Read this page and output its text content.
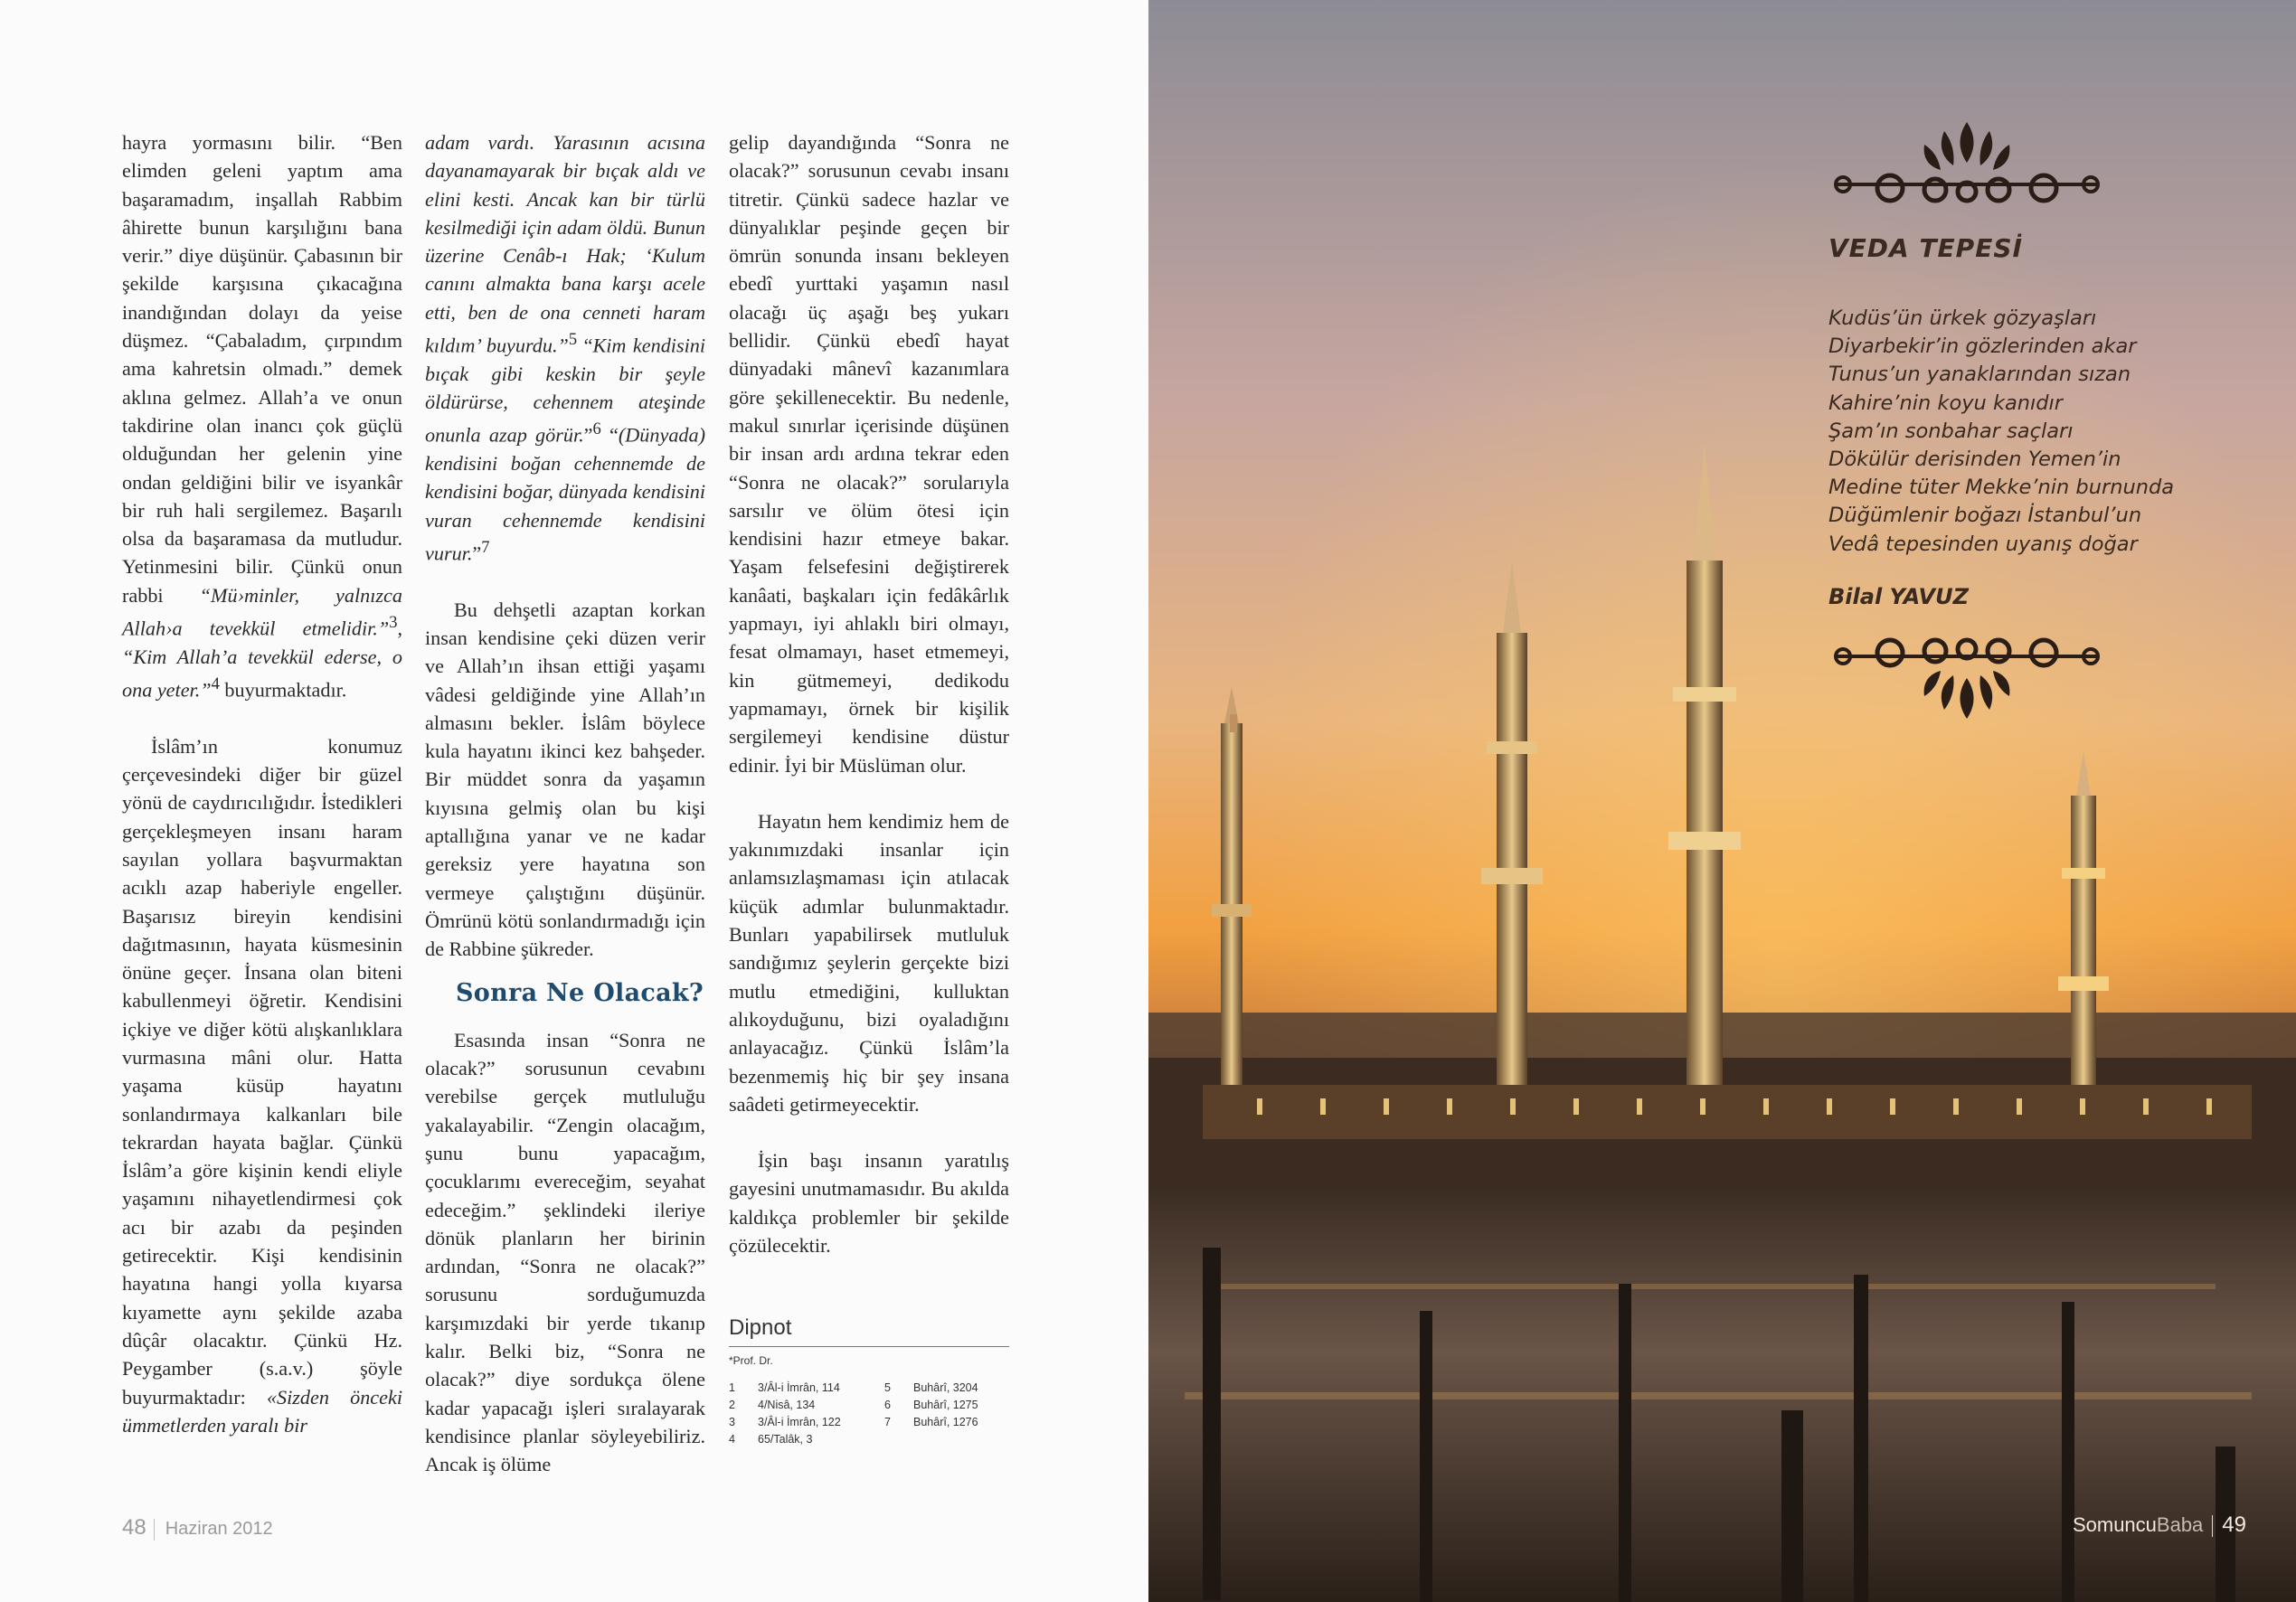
hayra yormasını bilir. “Ben elimden geleni yaptım ama başaramadım, inşallah Rabbim âhirette bunun karşılığını bana verir.” diye düşünür. Çabasının bir şekilde karşısına çıkacağına inandığından dolayı da yeise düşmez. “Çabaladım, çırpındım ama kahretsin olmadı.” demek aklına gelmez. Allah’a ve onun takdirine olan inancı çok güçlü olduğundan her gelenin yine ondan geldiğini bilir ve isyankâr bir ruh hali sergilemez. Başarılı olsa da başaramasa da mutludur. Yetinmesini bilir. Çünkü onun rabbi “Mü›minler, yalnızca Allah›a tevekkül etmelidir.”$^3$, “Kim Allah’a tevekkül ederse, o ona yeter.”$^4$ buyurmaktadır.

İslâm’ın konumuz çerçevesindeki diğer bir güzel yönü de caydırıcılığıdır. İstedikleri gerçekleşmeyen insanı haram sayılan yollara başvurmaktan acıklı azap haberiyle engeller. Başarısız bireyin kendisini dağıtmasının, hayata küsmesinin önüne geçer. İnsana olan biteni kabullenmeyi öğretir. Kendisini içkiye ve diğer kötü alışkanlıklara vurmasına mâni olur. Hatta yaşama küsüp hayatını sonlandırmaya kalkanları bile tekrardan hayata bağlar. Çünkü İslâm’a göre kişinin kendi eliyle yaşamını nihayetlendirmesi çok acı bir azabı da peşinden getirecektir. Kişi kendisinin hayatına hangi yolla kıyarsa kıyamette aynı şekilde azaba dûçâr olacaktır. Çünkü Hz. Peygamber (s.a.v.) şöyle buyurmaktadır: «Sizden önceki ümmetlerden yaralı bir

adam vardı. Yarasının acısına dayanamayarak bir bıçak aldı ve elini kesti. Ancak kan bir türlü kesilmediği için adam öldü. Bunun üzerine Cenâb-ı Hak; ‘Kulum canını almakta bana karşı acele etti, ben de ona cenneti haram kıldım’ buyurdu.”$^5$ “Kim kendisini bıçak gibi keskin bir şeyle öldürürse, cehennem ateşinde onunla azap görür.”$^6$ “(Dünyada) kendisini boğan cehennemde de kendisini boğar, dünyada kendisini vuran cehennemde kendisini vurur.”$^7$

Bu dehşetli azaptan korkan insan kendisine çeki düzen verir ve Allah’ın ihsan ettiği yaşamı vâdesi geldiğinde yine Allah’ın almasını bekler. İslâm böylece kula hayatını ikinci kez bahşeder. Bir müddet sonra da yaşamın kıyısına gelmiş olan bu kişi aptallığına yanar ve ne kadar gereksiz yere hayatına son vermeye çalıştığını düşünür. Ömrünü kötü sonlandırmadığı için de Rabbine şükreder.

Sonra Ne Olacak?

Esasında insan “Sonra ne olacak?” sorusunun cevabını verebilse gerçek mutluluğu yakalayabilir. “Zengin olacağım, şunu bunu yapacağım, çocuklarımı evereceğim, seyahat edeceğim.” şeklindeki ileriye dönük planların her birinin ardından, “Sonra ne olacak?” sorusunu sorduğumuzda karşımızdaki bir yerde tıkanıp kalır. Belki biz, “Sonra ne olacak?” diye sordukça ölene kadar yapacağı işleri sıralayarak kendisince planlar söyleyebiliriz. Ancak iş ölüme

gelip dayandığında “Sonra ne olacak?” sorusunun cevabı insanı titretir. Çünkü sadece hazlar ve dünyalıklar peşinde geçen bir ömrün sonunda insanı bekleyen ebedî yurttaki yaşamın nasıl olacağı üç aşağı beş yukarı bellidir. Çünkü ebedî hayat dünyadaki mânevî kazanımlara göre şekillenecektir. Bu nedenle, makul sınırlar içerisinde düşünen bir insan ardı ardına tekrar eden “Sonra ne olacak?” sorularıyla sarsılır ve ölüm ötesi için kendisini hazır etmeye bakar. Yaşam felsefesini değiştirerek kanâati, başkaları için fedâkârlık yapmayı, iyi ahlaklı biri olmayı, fesat olmamayı, haset etmemeyi, kin gütmemeyi, dedikodu yapmamayı, örnek bir kişilik sergilemeyi kendisine düstur edinir. İyi bir Müslüman olur.

Hayatın hem kendimiz hem de yakınımızdaki insanlar için anlamsızlaşmaması için atılacak küçük adımlar bulunmaktadır. Bunları yapabilirsek mutluluk sandığımız şeylerin gerçekte bizi mutlu etmediğini, kulluktan alıkoyduğunu, bizi oyaladığını anlayacağız. Çünkü İslâm’la bezenmemiş hiç bir şey insana saâdeti getirmeyecektir.

İşin başı insanın yaratılış gayesini unutmamasıdır. Bu akılda kaldıkça problemler bir şekilde çözülecektir.

Dipnot
*Prof. Dr.
1	3/Âl-i İmrân, 114	5	Buhârî, 3204
2	4/Nisâ, 134	6	Buhârî, 1275
3	3/Âl-i İmrân, 122	7	Buhârî, 1276
4	65/Talâk, 3
48 Haziran 2012
VEDA TEPESİ
Kudüs’ün ürkek gözyaşları
Diyarbekir’in gözlerinden akar
Tunus’un yanaklarından sızan
Kahire’nin koyu kanıdır
Şam’ın sonbahar saçları
Dökülür derisinden Yemen’in
Medine tüter Mekke’nin burnunda
Düğümlenir boğazı İstanbul’un
Vedâ tepesinden uyanış doğar
Bilal YAVUZ
SomuncuBaba 49
